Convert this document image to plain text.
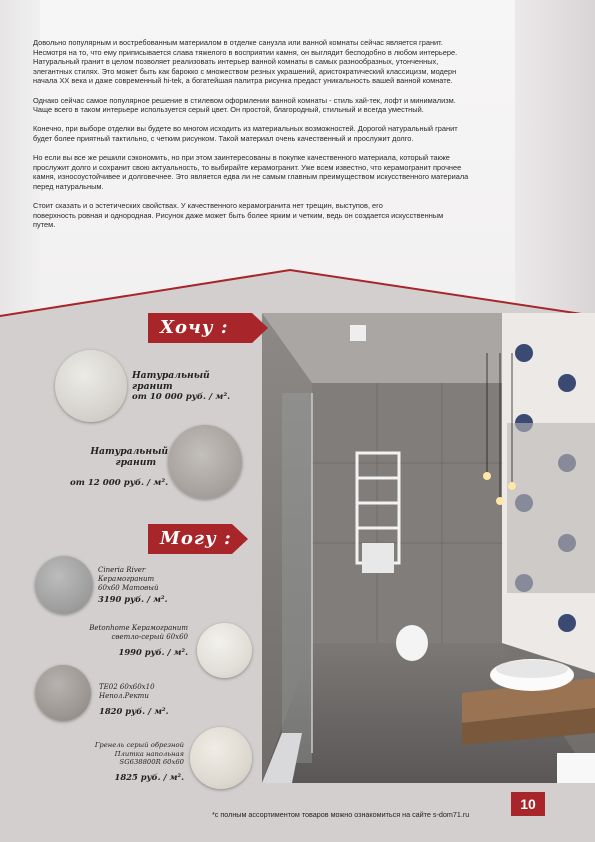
Довольно популярным и востребованным материалом в отделке санузла или ванной комнаты сейчас является гранит.
Несмотря на то, что ему приписывается слава тяжелого в восприятии камня, он выглядит бесподобно в любом интерьере.
Натуральный гранит в целом позволяет реализовать интерьер ванной комнаты в самых разнообразных, утонченных,
элегантных стилях. Это может быть как барокко с множеством резных украшений, аристократический классицизм, модерн
начала XX века и даже современный hi-tek, а богатейшая палитра рисунка предаст уникальность вашей ванной комнате.

Однако сейчас самое популярное решение в стилевом оформлении ванной комнаты - стиль хай-тек, лофт и минимализм.
Чаще всего в таком интерьере используется серый цвет. Он простой, благородный, стильный и всегда уместный.

Конечно, при выборе отделки вы будете во многом исходить из материальных возможностей. Дорогой натуральный гранит
будет более приятный тактильно, с четким рисунком. Такой материал очень качественный и прослужит долго.

Но если вы все же решили сэкономить, но при этом заинтересованы в покупке качественного материала, который также
прослужит долго и сохранит свою актуальность, то выбирайте керамогранит. Уже всем известно, что керамогранит прочнее
камня, износоустойчивее и долговечнее. Это является едва ли не самым главным преимуществом искусственного материала
перед натуральным.

Стоит сказать и о эстетических свойствах. У качественного керамогранита нет трещин, выступов, его
поверхность ровная и однородная. Рисунок даже может быть более ярким и четким, ведь он создается искусственным
путем.

Хочу :
Могу :
Натуральный
гранит
от 10 000 руб. / м².
Натуральный
гранит
от 12 000 руб. / м².
Cineria River
Керамогранит
60х60 Матовый
3190 руб. / м².
Betonhome Керамогранит
светло-серый 60х60
1990 руб. / м².
TE02 60x60x10
Непол.Ректи
1820 руб. / м².
Гренель серый обрезной
Плитка напольная
SG638800R 60х60
1825 руб. / м².
*с полным ассортиментом товаров можно ознакомиться на сайте s-dom71.ru
10
